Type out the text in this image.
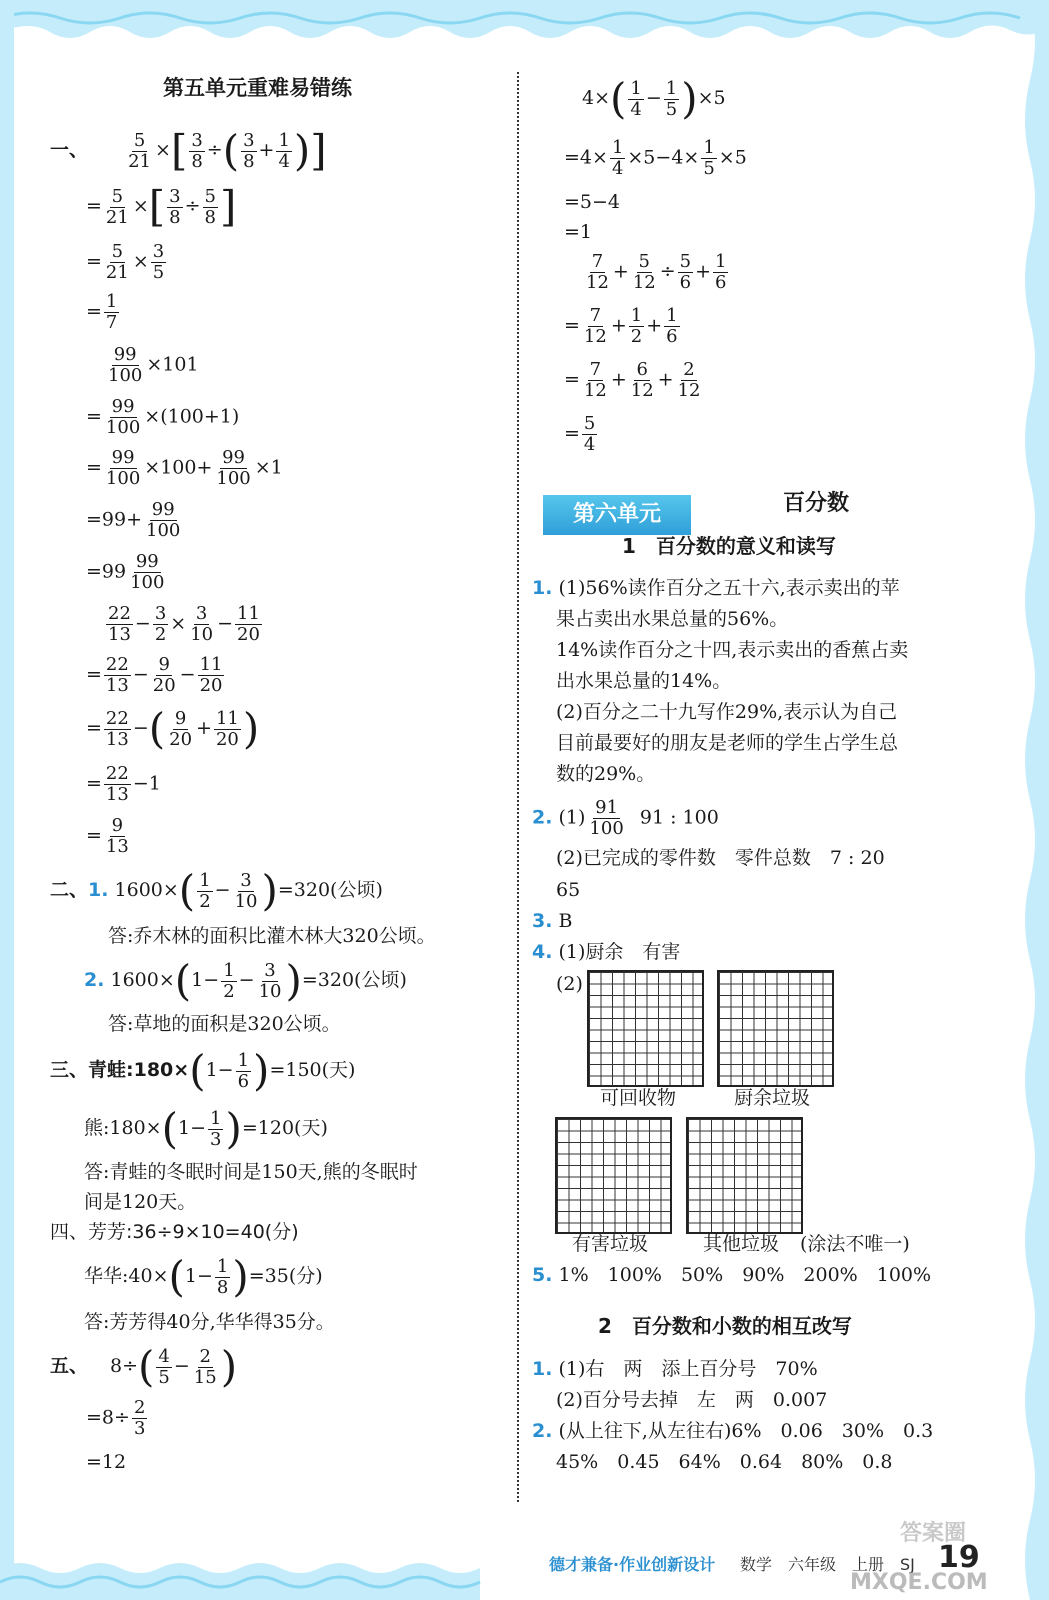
第五单元重难易错练
一、 $\frac{5}{21}$ ×[ $\frac{3}{8}$ ÷( $\frac{3}{8} + \frac{1}{4}$ )]
= $\frac{5}{21}$ ×[ $\frac{3}{8} \div \frac{5}{8}$ ]
= $\frac{5}{21} \times \frac{3}{5}$
= $\frac{1}{7}$
$\frac{99}{100} \times 101$
= $\frac{99}{100} \times(100+1)$
= $\frac{99}{100} \times 100+ \frac{99}{100} \times 1$
$=99+ \frac{99}{100}$
$=99 \frac{99}{100}$
$\frac{22}{13} - \frac{3}{2} \times \frac{3}{10} - \frac{11}{20}$
= $\frac{22}{13} - \frac{9}{20} - \frac{11}{20}$
= $\frac{22}{13}$ −( $\frac{9}{20} + \frac{11}{20}$ )
= $\frac{22}{13} -1$
= $\frac{9}{13}$
二、1. $1600\times( \frac{1}{2} - \frac{3}{10} )=320$(公顷)
答:乔木林的面积比灌木林大320公顷。
2. $1600\times(1- \frac{1}{2} - \frac{3}{10} )=320$(公顷)
答:草地的面积是320公顷。
三、青蛙:180×(1− $\frac{1}{6} )=150$(天)
熊:180×(1− $\frac{1}{3} )=120$(天)
答:青蛙的冬眠时间是150天,熊的冬眠时
间是120天。
四、芳芳:36÷9×10=40(分)
华华:40×(1− $\frac{1}{8} )=35$(分)
答:芳芳得40分,华华得35分。
五、 $8\div( \frac{4}{5} - \frac{2}{15}$ )
$=8\div \frac{2}{3}$
=12
$4\times( \frac{1}{4} - \frac{1}{5} )\times 5$
$=4\times \frac{1}{4} \times 5-4\times \frac{1}{5} \times 5$
=5−4
=1
$\frac{7}{12} + \frac{5}{12} \div \frac{5}{6} + \frac{1}{6}$
= $\frac{7}{12} + \frac{1}{2} + \frac{1}{6}$
= $\frac{7}{12} + \frac{6}{12} + \frac{2}{12}$
= $\frac{5}{4}$
第六单元	百分数
1　百分数的意义和读写
1. (1)56%读作百分之五十六,表示卖出的苹
果占卖出水果总量的56%。
14%读作百分之十四,表示卖出的香蕉占卖
出水果总量的14%。
(2)百分之二十九写作29%,表示认为自己
目前最要好的朋友是老师的学生占学生总
数的29%。
2. $(1) \frac{91}{100} 91$ : 100
(2)已完成的零件数　零件总数　7 : 20
65
3. B
4. (1)厨余　有害
(2)
可回收物	厨余垃圾
有害垃圾	其他垃圾 (涂法不唯一)
5. 1%　100%　50%　90%　200%　100%
2　百分数和小数的相互改写
1. (1)右　两　添上百分号　70%
(2)百分号去掉　左　两　0.007
2. (从上往下,从左往右)6%　0.06　30%　0.3
45%　0.45　64%　0.64　80%　0.8
德才兼备·作业创新设计 数学　六年级　上册　SJ 19
MXQE.COM
答案圈
